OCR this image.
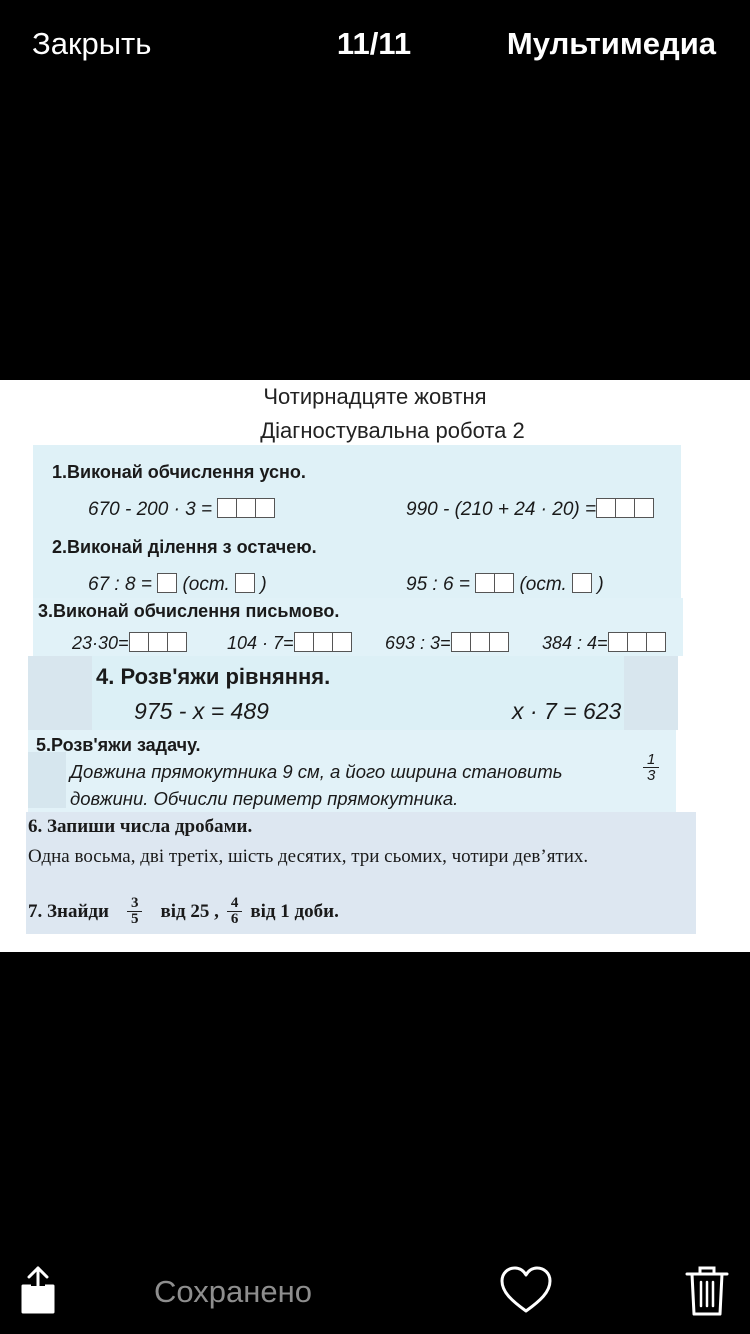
Закрыть	11/11	Мультимедиа
Чотирнадцяте жовтня
Діагностувальна робота 2
1.Виконай обчислення усно.
670 - 200 · 3 =	990 - (210 + 24 · 20) =
2.Виконай ділення з остачею.
67 : 8 = (ост. )	95 : 6 =	(ост. )
3.Виконай обчислення письмово.
23·30=	104 · 7=	693 : 3=	384 : 4=
4. Розв'яжи рівняння.
975 - x = 489	x · 7 = 623
5.Розв'яжи задачу.
Довжина прямокутника 9 см, а його ширина становить	$\frac{1}{3}$
довжини. Обчисли периметр прямокутника.
6. Запиши числа дробами.
Одна восьма, дві третіх, шість десятих, три сьомих, чотири дев’ятих.
7. Знайди $\frac{3}{5}$ від 25 , $\frac{4}{6}$ від 1 доби.
Сохранено
